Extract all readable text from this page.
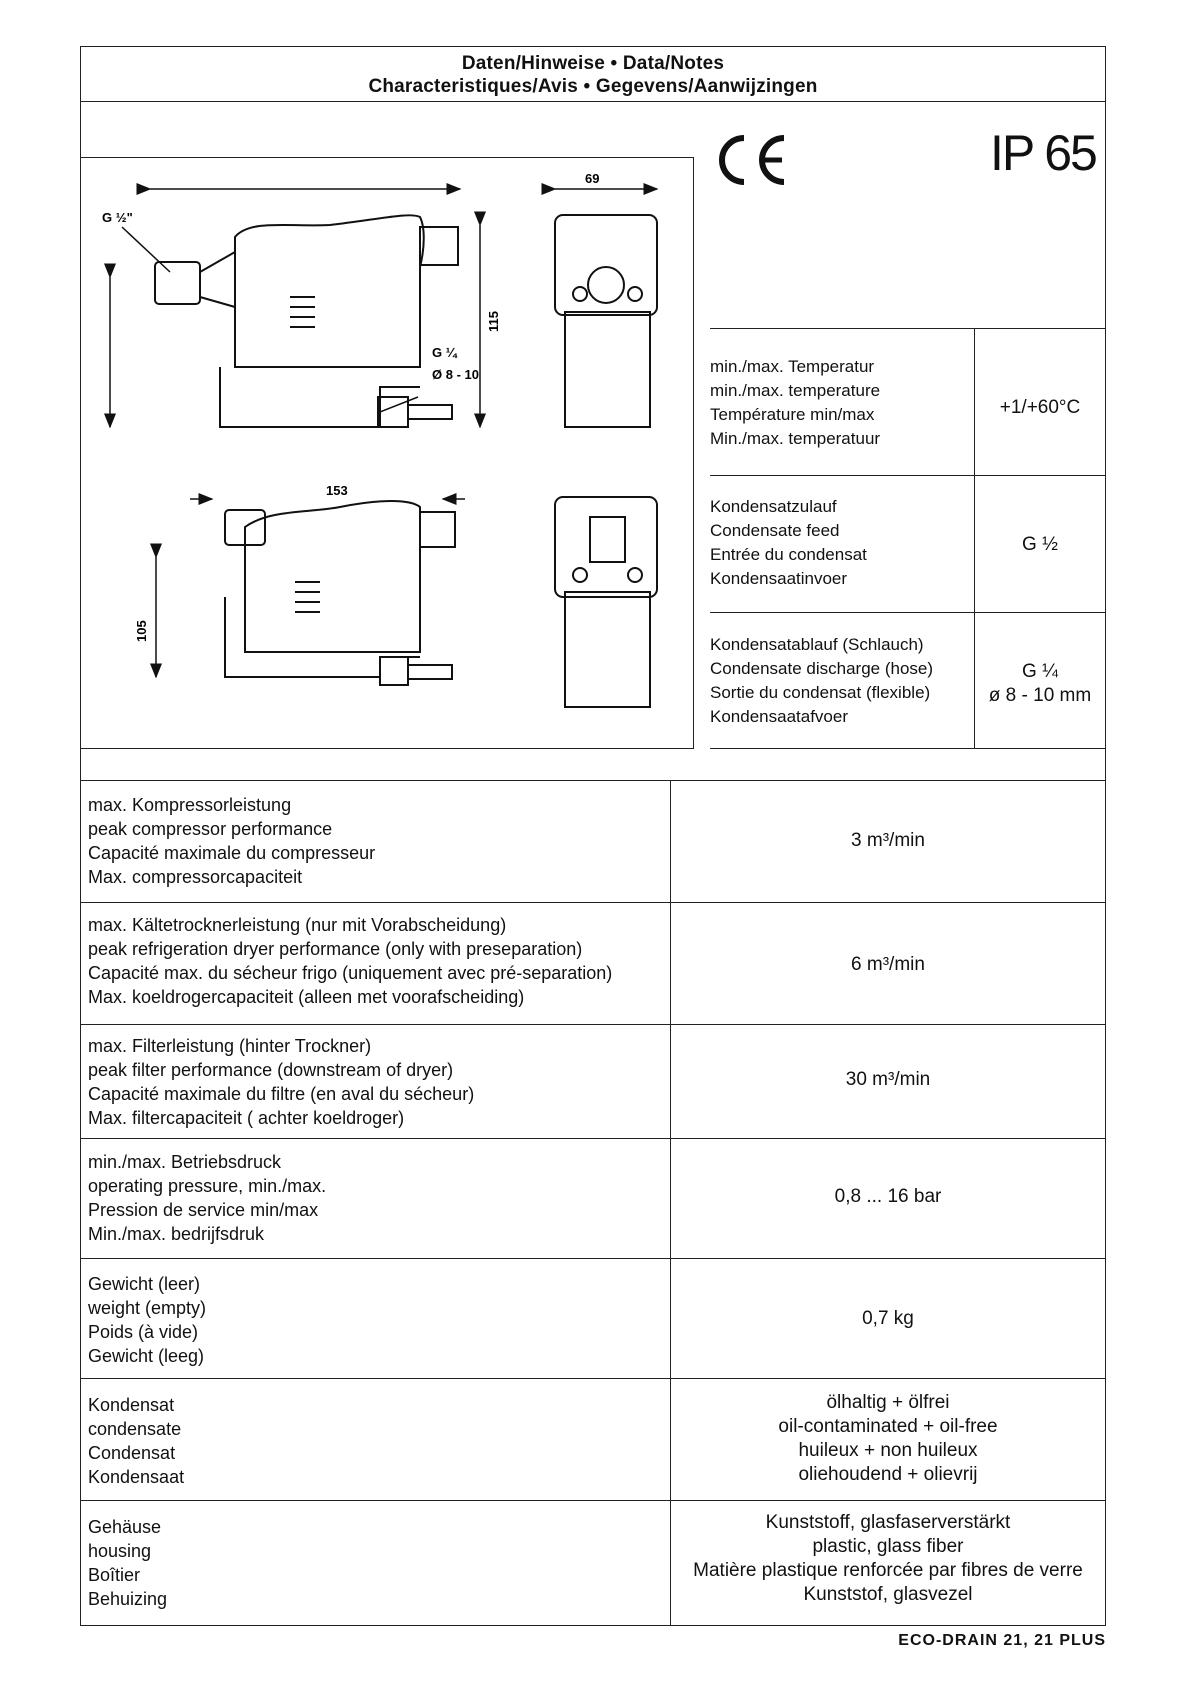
Daten/Hinweise • Data/Notes
Characteristiques/Avis • Gegevens/Aanwijzingen
69
115
153
105
G ½"
G ¼
Ø 8 - 10
IP 65
min./max. Temperatur
min./max. temperature
Température min/max
Min./max. temperatuur
+1/+60°C
Kondensatzulauf
Condensate feed
Entrée du condensat
Kondensaatinvoer
G ½
Kondensatablauf (Schlauch)
Condensate discharge (hose)
Sortie du condensat (flexible)
Kondensaatafvoer
G ¼
ø 8 - 10 mm
max. Kompressorleistung
peak compressor performance
Capacité maximale du compresseur
Max. compressorcapaciteit
3 m³/min
max. Kältetrocknerleistung (nur mit Vorabscheidung)
peak refrigeration dryer performance (only with preseparation)
Capacité max. du sécheur frigo (uniquement avec pré-separation)
Max. koeldrogercapaciteit (alleen met voorafscheiding)
6 m³/min
max. Filterleistung (hinter Trockner)
peak filter performance (downstream of dryer)
Capacité maximale du filtre (en aval du sécheur)
Max. filtercapaciteit ( achter koeldroger)
30 m³/min
min./max. Betriebsdruck
operating pressure, min./max.
Pression de service min/max
Min./max. bedrijfsdruk
0,8 ... 16 bar
Gewicht (leer)
weight (empty)
Poids (à vide)
Gewicht (leeg)
0,7 kg
Kondensat
condensate
Condensat
Kondensaat
ölhaltig + ölfrei
oil-contaminated + oil-free
huileux + non huileux
oliehoudend + olievrij
Gehäuse
housing
Boîtier
Behuizing
Kunststoff, glasfaserverstärkt
plastic, glass fiber
Matière plastique renforcée par fibres de verre
Kunststof, glasvezel
ECO-DRAIN 21, 21 PLUS
